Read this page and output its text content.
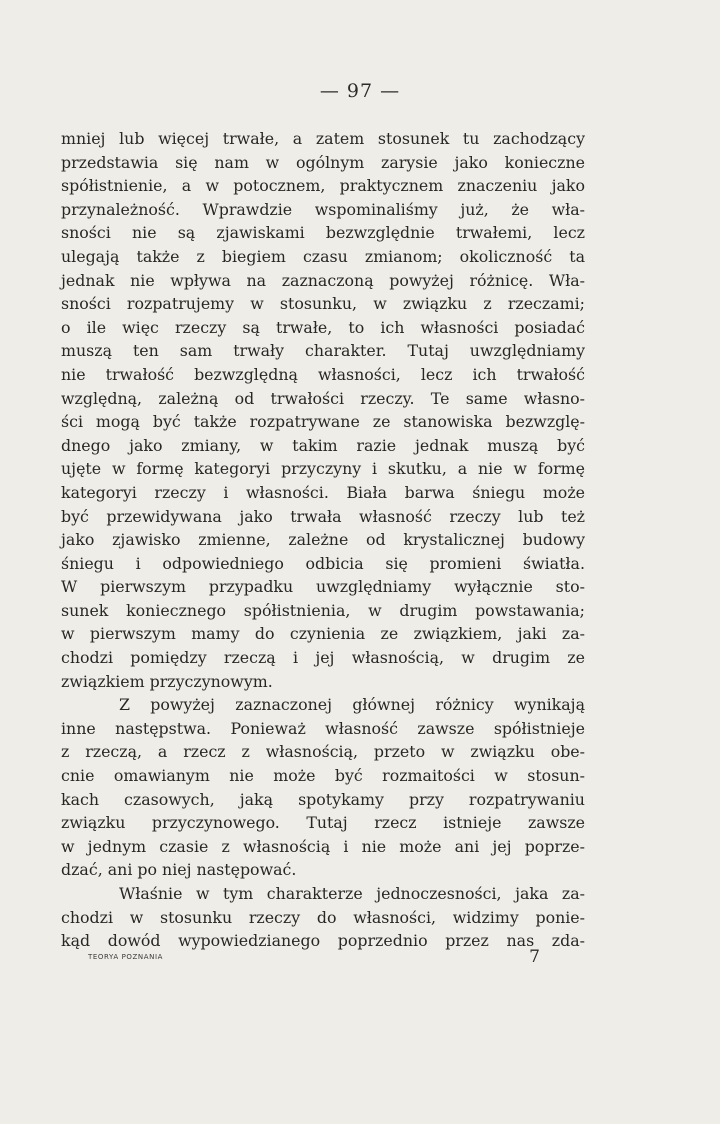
— 97 —
mniej lub więcej trwałe, a zatem stosunek tu zachodzący
przedstawia się nam w ogólnym zarysie jako konieczne
spółistnienie, a w potocznem, praktycznem znaczeniu jako
przynależność. Wprawdzie wspominaliśmy już, że wła-
sności nie są zjawiskami bezwzględnie trwałemi, lecz
ulegają także z biegiem czasu zmianom; okoliczność ta
jednak nie wpływa na zaznaczoną powyżej różnicę. Wła-
sności rozpatrujemy w stosunku, w związku z rzeczami;
o ile więc rzeczy są trwałe, to ich własności posiadać
muszą ten sam trwały charakter. Tutaj uwzględniamy
nie trwałość bezwzględną własności, lecz ich trwałość
względną, zależną od trwałości rzeczy. Te same własno-
ści mogą być także rozpatrywane ze stanowiska bezwzglę-
dnego jako zmiany, w takim razie jednak muszą być
ujęte w formę kategoryi przyczyny i skutku, a nie w formę
kategoryi rzeczy i własności. Biała barwa śniegu może
być przewidywana jako trwała własność rzeczy lub też
jako zjawisko zmienne, zależne od krystalicznej budowy
śniegu i odpowiedniego odbicia się promieni światła.
W pierwszym przypadku uwzględniamy wyłącznie sto-
sunek koniecznego spółistnienia, w drugim powstawania;
w pierwszym mamy do czynienia ze związkiem, jaki za-
chodzi pomiędzy rzeczą i jej własnością, w drugim ze
związkiem przyczynowym.
Z powyżej zaznaczonej głównej różnicy wynikają
inne następstwa. Ponieważ własność zawsze spółistnieje
z rzeczą, a rzecz z własnością, przeto w związku obe-
cnie omawianym nie może być rozmaitości w stosun-
kach czasowych, jaką spotykamy przy rozpatrywaniu
związku przyczynowego. Tutaj rzecz istnieje zawsze
w jednym czasie z własnością i nie może ani jej poprze-
dzać, ani po niej następować.
Właśnie w tym charakterze jednoczesności, jaka za-
chodzi w stosunku rzeczy do własności, widzimy ponie-
kąd dowód wypowiedzianego poprzednio przez nas zda-
TEORYA POZNANIA	7
